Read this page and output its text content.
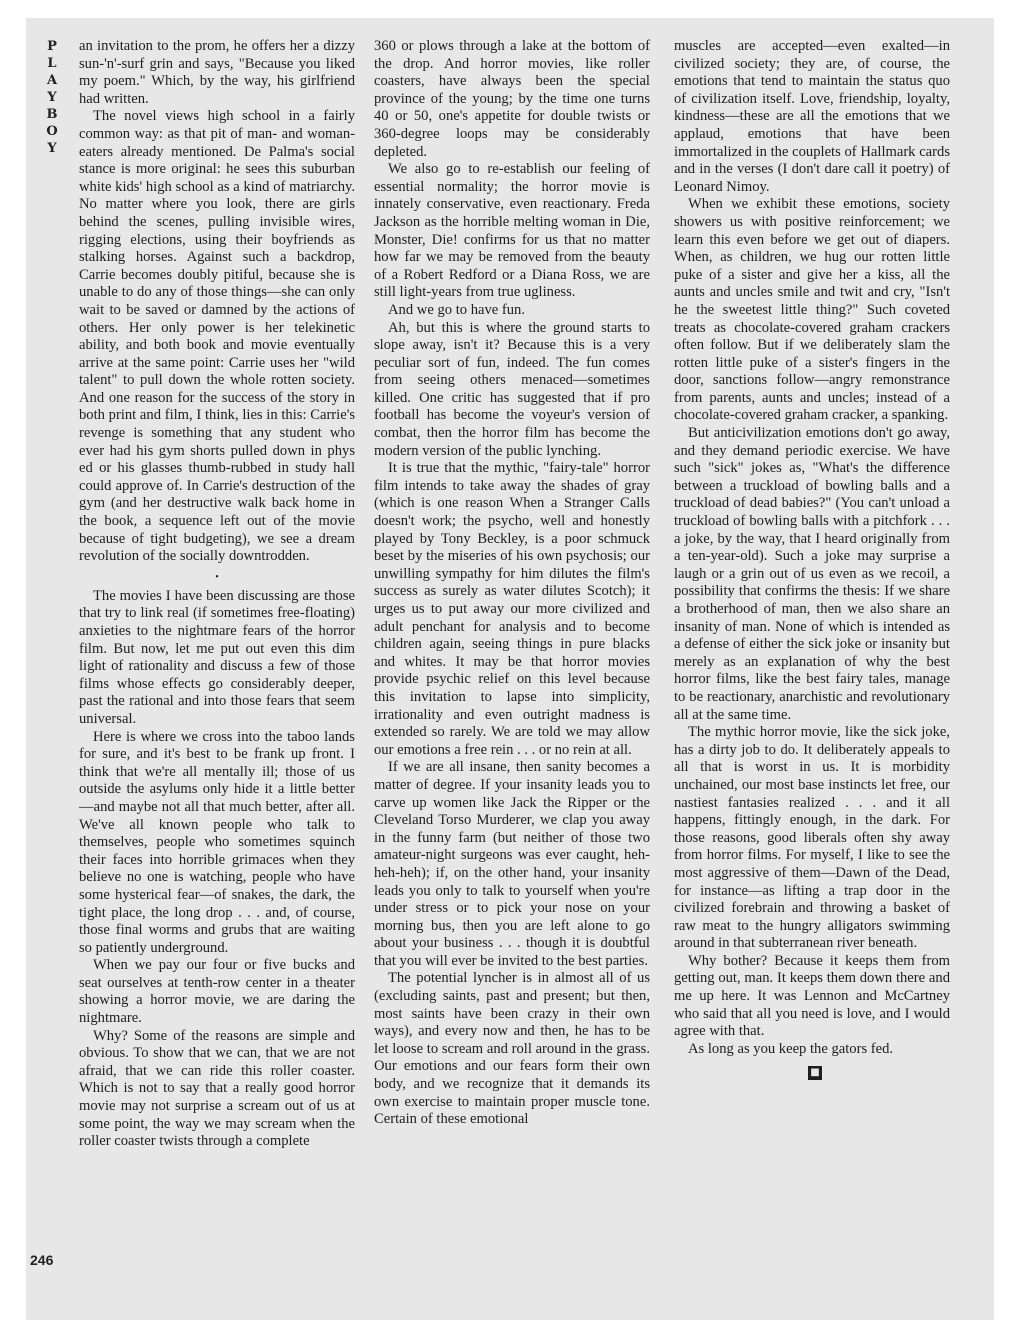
P
L
A
Y
B
O
Y

an invitation to the prom, he offers her a dizzy sun-'n'-surf grin and says, "Because you liked my poem." Which, by the way, his girlfriend had written.

The novel views high school in a fairly common way: as that pit of man- and woman-eaters already mentioned. De Palma's social stance is more original: he sees this suburban white kids' high school as a kind of matriarchy. No matter where you look, there are girls behind the scenes, pulling invisible wires, rigging elections, using their boyfriends as stalking horses. Against such a backdrop, Carrie becomes doubly pitiful, because she is unable to do any of those things—she can only wait to be saved or damned by the actions of others. Her only power is her telekinetic ability, and both book and movie eventually arrive at the same point: Carrie uses her "wild talent" to pull down the whole rotten society. And one reason for the success of the story in both print and film, I think, lies in this: Carrie's revenge is something that any student who ever had his gym shorts pulled down in phys ed or his glasses thumb-rubbed in study hall could approve of. In Carrie's destruction of the gym (and her destructive walk back home in the book, a sequence left out of the movie because of tight budgeting), we see a dream revolution of the socially downtrodden.

•

The movies I have been discussing are those that try to link real (if sometimes free-floating) anxieties to the nightmare fears of the horror film. But now, let me put out even this dim light of rationality and discuss a few of those films whose effects go considerably deeper, past the rational and into those fears that seem universal.

Here is where we cross into the taboo lands for sure, and it's best to be frank up front. I think that we're all mentally ill; those of us outside the asylums only hide it a little better—and maybe not all that much better, after all. We've all known people who talk to themselves, people who sometimes squinch their faces into horrible grimaces when they believe no one is watching, people who have some hysterical fear—of snakes, the dark, the tight place, the long drop . . . and, of course, those final worms and grubs that are waiting so patiently underground.

When we pay our four or five bucks and seat ourselves at tenth-row center in a theater showing a horror movie, we are daring the nightmare.

Why? Some of the reasons are simple and obvious. To show that we can, that we are not afraid, that we can ride this roller coaster. Which is not to say that a really good horror movie may not surprise a scream out of us at some point, the way we may scream when the roller coaster twists through a complete

360 or plows through a lake at the bottom of the drop. And horror movies, like roller coasters, have always been the special province of the young; by the time one turns 40 or 50, one's appetite for double twists or 360-degree loops may be considerably depleted.

We also go to re-establish our feeling of essential normality; the horror movie is innately conservative, even reactionary. Freda Jackson as the horrible melting woman in Die, Monster, Die! confirms for us that no matter how far we may be removed from the beauty of a Robert Redford or a Diana Ross, we are still light-years from true ugliness.

And we go to have fun.

Ah, but this is where the ground starts to slope away, isn't it? Because this is a very peculiar sort of fun, indeed. The fun comes from seeing others menaced—sometimes killed. One critic has suggested that if pro football has become the voyeur's version of combat, then the horror film has become the modern version of the public lynching.

It is true that the mythic, "fairy-tale" horror film intends to take away the shades of gray (which is one reason When a Stranger Calls doesn't work; the psycho, well and honestly played by Tony Beckley, is a poor schmuck beset by the miseries of his own psychosis; our unwilling sympathy for him dilutes the film's success as surely as water dilutes Scotch); it urges us to put away our more civilized and adult penchant for analysis and to become children again, seeing things in pure blacks and whites. It may be that horror movies provide psychic relief on this level because this invitation to lapse into simplicity, irrationality and even outright madness is extended so rarely. We are told we may allow our emotions a free rein . . . or no rein at all.

If we are all insane, then sanity becomes a matter of degree. If your insanity leads you to carve up women like Jack the Ripper or the Cleveland Torso Murderer, we clap you away in the funny farm (but neither of those two amateur-night surgeons was ever caught, heh-heh-heh); if, on the other hand, your insanity leads you only to talk to yourself when you're under stress or to pick your nose on your morning bus, then you are left alone to go about your business . . . though it is doubtful that you will ever be invited to the best parties.

The potential lyncher is in almost all of us (excluding saints, past and present; but then, most saints have been crazy in their own ways), and every now and then, he has to be let loose to scream and roll around in the grass. Our emotions and our fears form their own body, and we recognize that it demands its own exercise to maintain proper muscle tone. Certain of these emotional

muscles are accepted—even exalted—in civilized society; they are, of course, the emotions that tend to maintain the status quo of civilization itself. Love, friendship, loyalty, kindness—these are all the emotions that we applaud, emotions that have been immortalized in the couplets of Hallmark cards and in the verses (I don't dare call it poetry) of Leonard Nimoy.

When we exhibit these emotions, society showers us with positive reinforcement; we learn this even before we get out of diapers. When, as children, we hug our rotten little puke of a sister and give her a kiss, all the aunts and uncles smile and twit and cry, "Isn't he the sweetest little thing?" Such coveted treats as chocolate-covered graham crackers often follow. But if we deliberately slam the rotten little puke of a sister's fingers in the door, sanctions follow—angry remonstrance from parents, aunts and uncles; instead of a chocolate-covered graham cracker, a spanking.

But anticivilization emotions don't go away, and they demand periodic exercise. We have such "sick" jokes as, "What's the difference between a truckload of bowling balls and a truckload of dead babies?" (You can't unload a truckload of bowling balls with a pitchfork . . . a joke, by the way, that I heard originally from a ten-year-old). Such a joke may surprise a laugh or a grin out of us even as we recoil, a possibility that confirms the thesis: If we share a brotherhood of man, then we also share an insanity of man. None of which is intended as a defense of either the sick joke or insanity but merely as an explanation of why the best horror films, like the best fairy tales, manage to be reactionary, anarchistic and revolutionary all at the same time.

The mythic horror movie, like the sick joke, has a dirty job to do. It deliberately appeals to all that is worst in us. It is morbidity unchained, our most base instincts let free, our nastiest fantasies realized . . . and it all happens, fittingly enough, in the dark. For those reasons, good liberals often shy away from horror films. For myself, I like to see the most aggressive of them—Dawn of the Dead, for instance—as lifting a trap door in the civilized forebrain and throwing a basket of raw meat to the hungry alligators swimming around in that subterranean river beneath.

Why bother? Because it keeps them from getting out, man. It keeps them down there and me up here. It was Lennon and McCartney who said that all you need is love, and I would agree with that.

As long as you keep the gators fed.

■
246
